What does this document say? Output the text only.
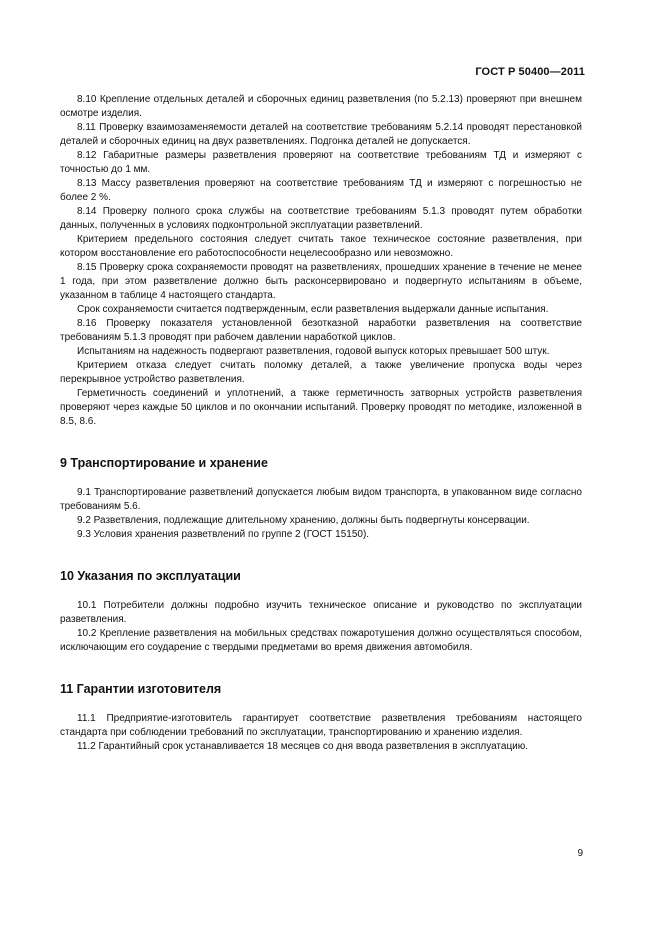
ГОСТ Р 50400—2011

8.10 Крепление отдельных деталей и сборочных единиц разветвления (по 5.2.13) проверяют при внешнем осмотре изделия.

8.11 Проверку взаимозаменяемости деталей на соответствие требованиям 5.2.14 проводят перестановкой деталей и сборочных единиц на двух разветвлениях. Подгонка деталей не допускается.

8.12 Габаритные размеры разветвления проверяют на соответствие требованиям ТД и измеряют с точностью до 1 мм.

8.13 Массу разветвления проверяют на соответствие требованиям ТД и измеряют с погрешностью не более 2 %.

8.14 Проверку полного срока службы на соответствие требованиям 5.1.3 проводят путем обработки данных, полученных в условиях подконтрольной эксплуатации разветвлений.

Критерием предельного состояния следует считать такое техническое состояние разветвления, при котором восстановление его работоспособности нецелесообразно или невозможно.

8.15 Проверку срока сохраняемости проводят на разветвлениях, прошедших хранение в течение не менее 1 года, при этом разветвление должно быть расконсервировано и подвергнуто испытаниям в объеме, указанном в таблице 4 настоящего стандарта.

Срок сохраняемости считается подтвержденным, если разветвления выдержали данные испытания.

8.16 Проверку показателя установленной безотказной наработки разветвления на соответствие требованиям 5.1.3 проводят при рабочем давлении наработкой циклов.

Испытаниям на надежность подвергают разветвления, годовой выпуск которых превышает 500 штук.

Критерием отказа следует считать поломку деталей, а также увеличение пропуска воды через перекрывное устройство разветвления.

Герметичность соединений и уплотнений, а также герметичность затворных устройств разветвления проверяют через каждые 50 циклов и по окончании испытаний. Проверку проводят по методике, изложенной в 8.5, 8.6.

9 Транспортирование и хранение

9.1 Транспортирование разветвлений допускается любым видом транспорта, в упакованном виде согласно требованиям 5.6.

9.2 Разветвления, подлежащие длительному хранению, должны быть подвергнуты консервации.

9.3 Условия хранения разветвлений по группе 2 (ГОСТ 15150).

10 Указания по эксплуатации

10.1 Потребители должны подробно изучить техническое описание и руководство по эксплуатации разветвления.

10.2 Крепление разветвления на мобильных средствах пожаротушения должно осуществляться способом, исключающим его соударение с твердыми предметами во время движения автомобиля.

11 Гарантии изготовителя

11.1 Предприятие-изготовитель гарантирует соответствие разветвления требованиям настоящего стандарта при соблюдении требований по эксплуатации, транспортированию и хранению изделия.

11.2 Гарантийный срок устанавливается 18 месяцев со дня ввода разветвления в эксплуатацию.

9
